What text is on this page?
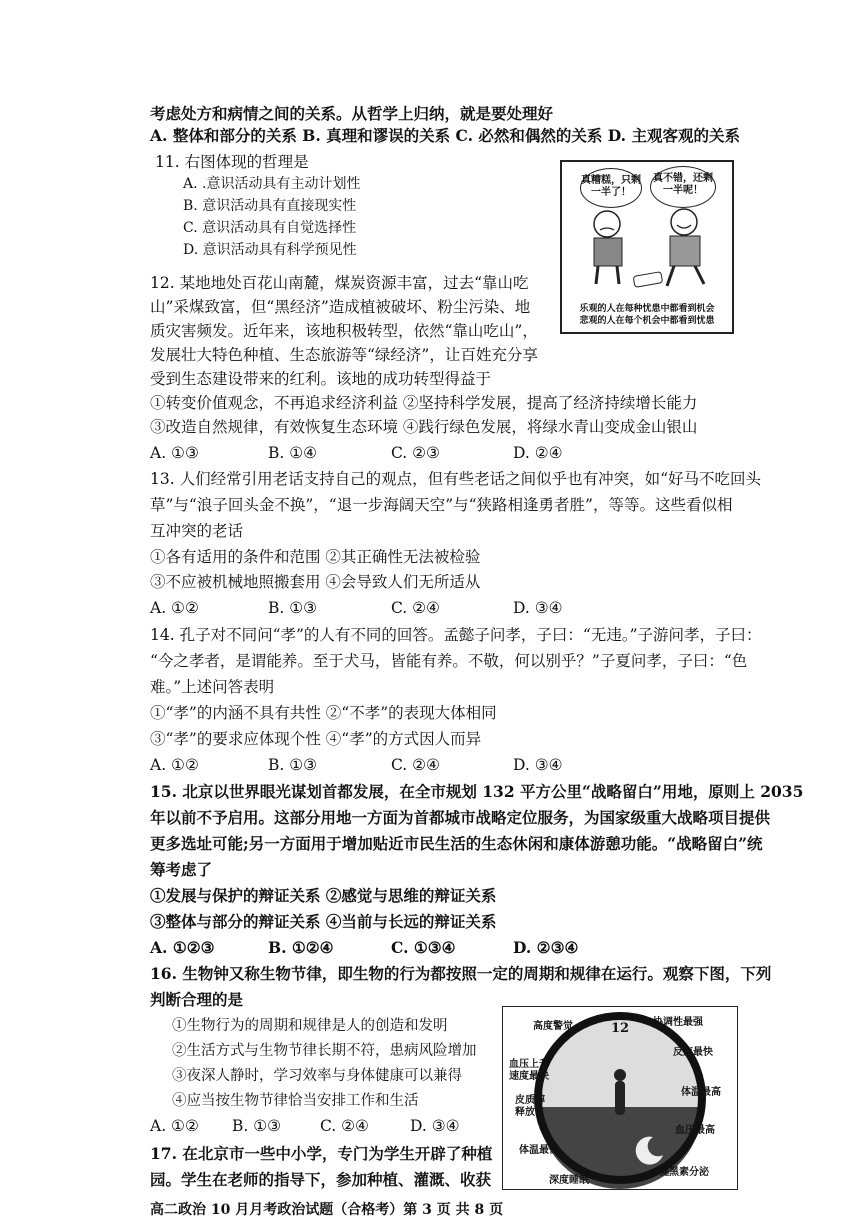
考虑处方和病情之间的关系。从哲学上归纳，就是要处理好
A. 整体和部分的关系 B. 真理和谬误的关系 C. 必然和偶然的关系 D. 主观客观的关系
11. 右图体现的哲理是
A. .意识活动具有主动计划性
B. 意识活动具有直接现实性
C. 意识活动具有自觉选择性
D. 意识活动具有科学预见性
真糟糕，只剩一半了！
真不错，还剩一半呢！
乐观的人在每种忧患中都看到机会
悲观的人在每个机会中都看到忧患
12. 某地地处百花山南麓，煤炭资源丰富，过去“靠山吃
山”采煤致富，但“黑经济”造成植被破坏、粉尘污染、地
质灾害频发。近年来，该地积极转型，依然“靠山吃山”，
发展壮大特色种植、生态旅游等“绿经济”，让百姓充分享
受到生态建设带来的红利。该地的成功转型得益于
①转变价值观念，不再追求经济利益 ②坚持科学发展，提高了经济持续增长能力
③改造自然规律，有效恢复生态环境 ④践行绿色发展，将绿水青山变成金山银山
A. ①③	B. ①④	C. ②③	D. ②④
13. 人们经常引用老话支持自己的观点，但有些老话之间似乎也有冲突，如“好马不吃回头
草”与“浪子回头金不换”，“退一步海阔天空”与“狭路相逢勇者胜”，等等。这些看似相
互冲突的老话
①各有适用的条件和范围 ②其正确性无法被检验
③不应被机械地照搬套用 ④会导致人们无所适从
A. ①②	B. ①③	C. ②④	D. ③④
14. 孔子对不同问“孝”的人有不同的回答。孟懿子问孝，子曰：“无违。”子游问孝，子曰：
“今之孝者，是谓能养。至于犬马，皆能有养。不敬，何以别乎？”子夏问孝，子曰：“色
难。”上述问答表明
①“孝”的内涵不具有共性 ②“不孝”的表现大体相同
③“孝”的要求应体现个性 ④“孝”的方式因人而异
A. ①②	B. ①③	C. ②④	D. ③④
15. 北京以世界眼光谋划首都发展，在全市规划 132 平方公里“战略留白”用地，原则上 2035
年以前不予启用。这部分用地一方面为首都城市战略定位服务，为国家级重大战略项目提供
更多选址可能;另一方面用于增加贴近市民生活的生态休闲和康体游憩功能。“战略留白”统
筹考虑了
①发展与保护的辩证关系 ②感觉与思维的辩证关系
③整体与部分的辩证关系 ④当前与长远的辩证关系
A. ①②③	B. ①②④	C. ①③④	D. ②③④
16. 生物钟又称生物节律，即生物的行为都按照一定的周期和规律在运行。观察下图，下列
判断合理的是
①生物行为的周期和规律是人的创造和发明
②生活方式与生物节律长期不符，患病风险增加
③夜深人静时，学习效率与身体健康可以兼得
④应当按生物节律恰当安排工作和生活
A. ①② B. ①③	C. ②④	D. ③④
12
高度警觉	协调性最强
血压上升
速度最快
反应最快
皮质醇
释放
体温最高
血压最高
体温最低
褪黑素分泌
深度睡眠
17. 在北京市一些中小学，专门为学生开辟了种植
园。学生在老师的指导下，参加种植、灌溉、收获
高二政治 10 月月考政治试题（合格考）第 3 页 共 8 页
